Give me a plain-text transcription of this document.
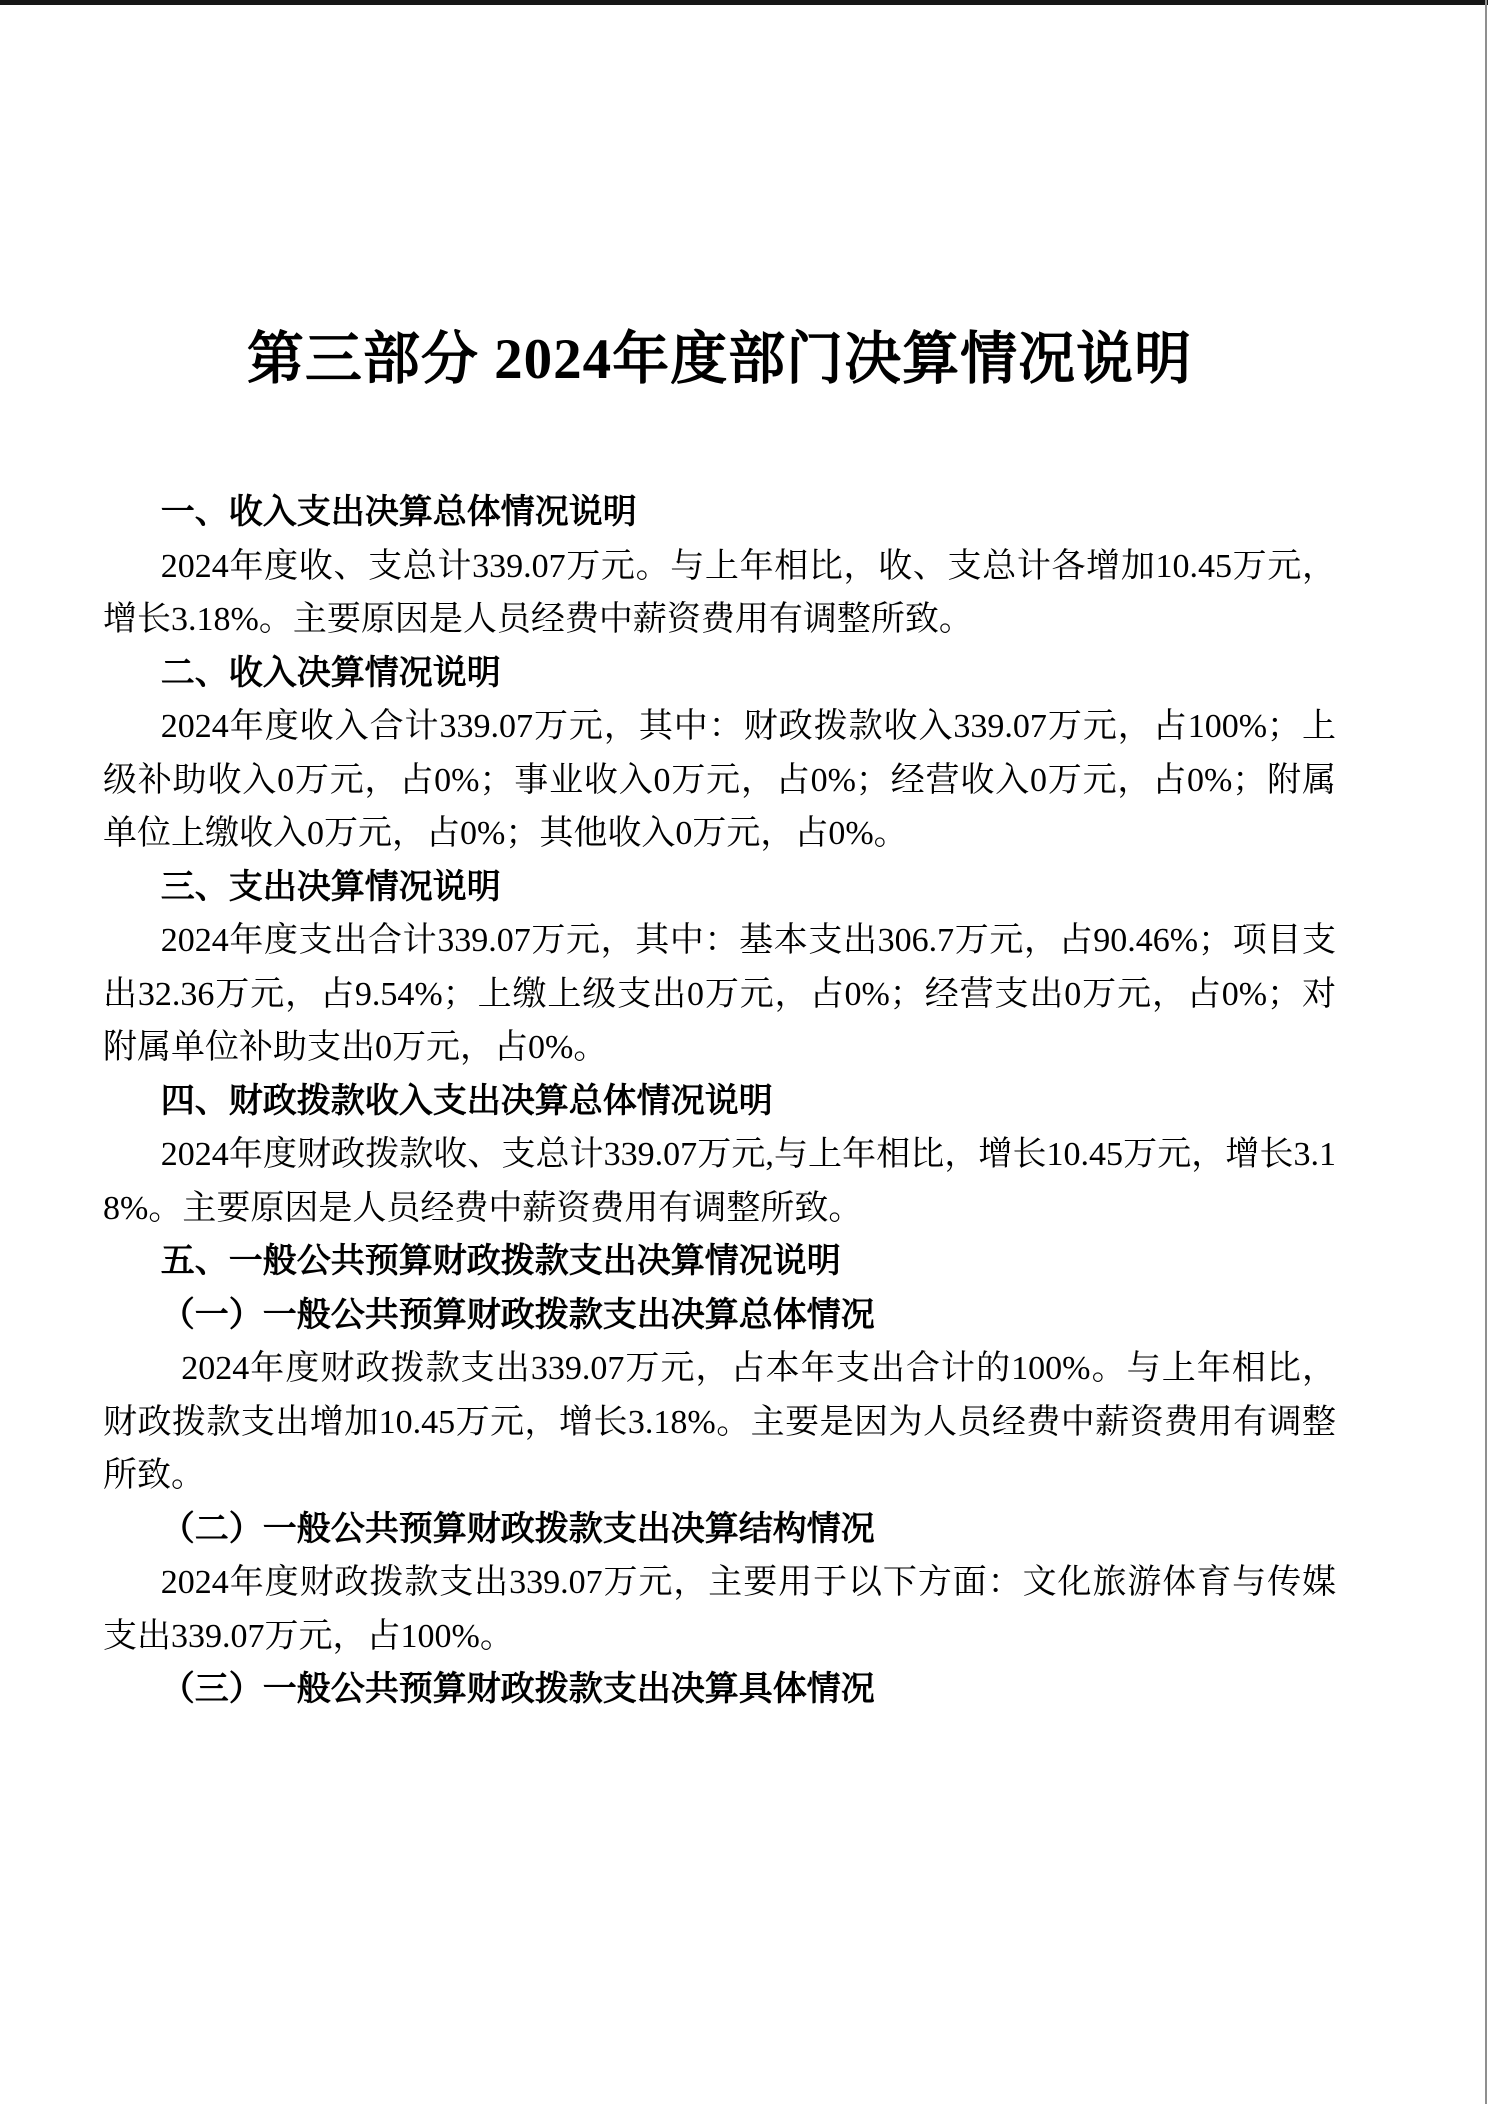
第三部分 2024年度部门决算情况说明
一、收入支出决算总体情况说明

2024年度收、支总计339.07万元。与上年相比，收、支总计各增加10.45万元，增长3.18%。主要原因是人员经费中薪资费用有调整所致。

二、收入决算情况说明

2024年度收入合计339.07万元，其中：财政拨款收入339.07万元，占100%；上级补助收入0万元，占0%；事业收入0万元，占0%；经营收入0万元，占0%；附属单位上缴收入0万元，占0%；其他收入0万元，占0%。

三、支出决算情况说明

2024年度支出合计339.07万元，其中：基本支出306.7万元，占90.46%；项目支出32.36万元，占9.54%；上缴上级支出0万元，占0%；经营支出0万元，占0%；对附属单位补助支出0万元，占0%。

四、财政拨款收入支出决算总体情况说明

2024年度财政拨款收、支总计339.07万元,与上年相比，增长10.45万元，增长3.18%。主要原因是人员经费中薪资费用有调整所致。

五、一般公共预算财政拨款支出决算情况说明
（一）一般公共预算财政拨款支出决算总体情况

2024年度财政拨款支出339.07万元，占本年支出合计的100%。与上年相比，财政拨款支出增加10.45万元，增长3.18%。主要是因为人员经费中薪资费用有调整所致。

（二）一般公共预算财政拨款支出决算结构情况

2024年度财政拨款支出339.07万元，主要用于以下方面：文化旅游体育与传媒支出339.07万元，占100%。

（三）一般公共预算财政拨款支出决算具体情况
